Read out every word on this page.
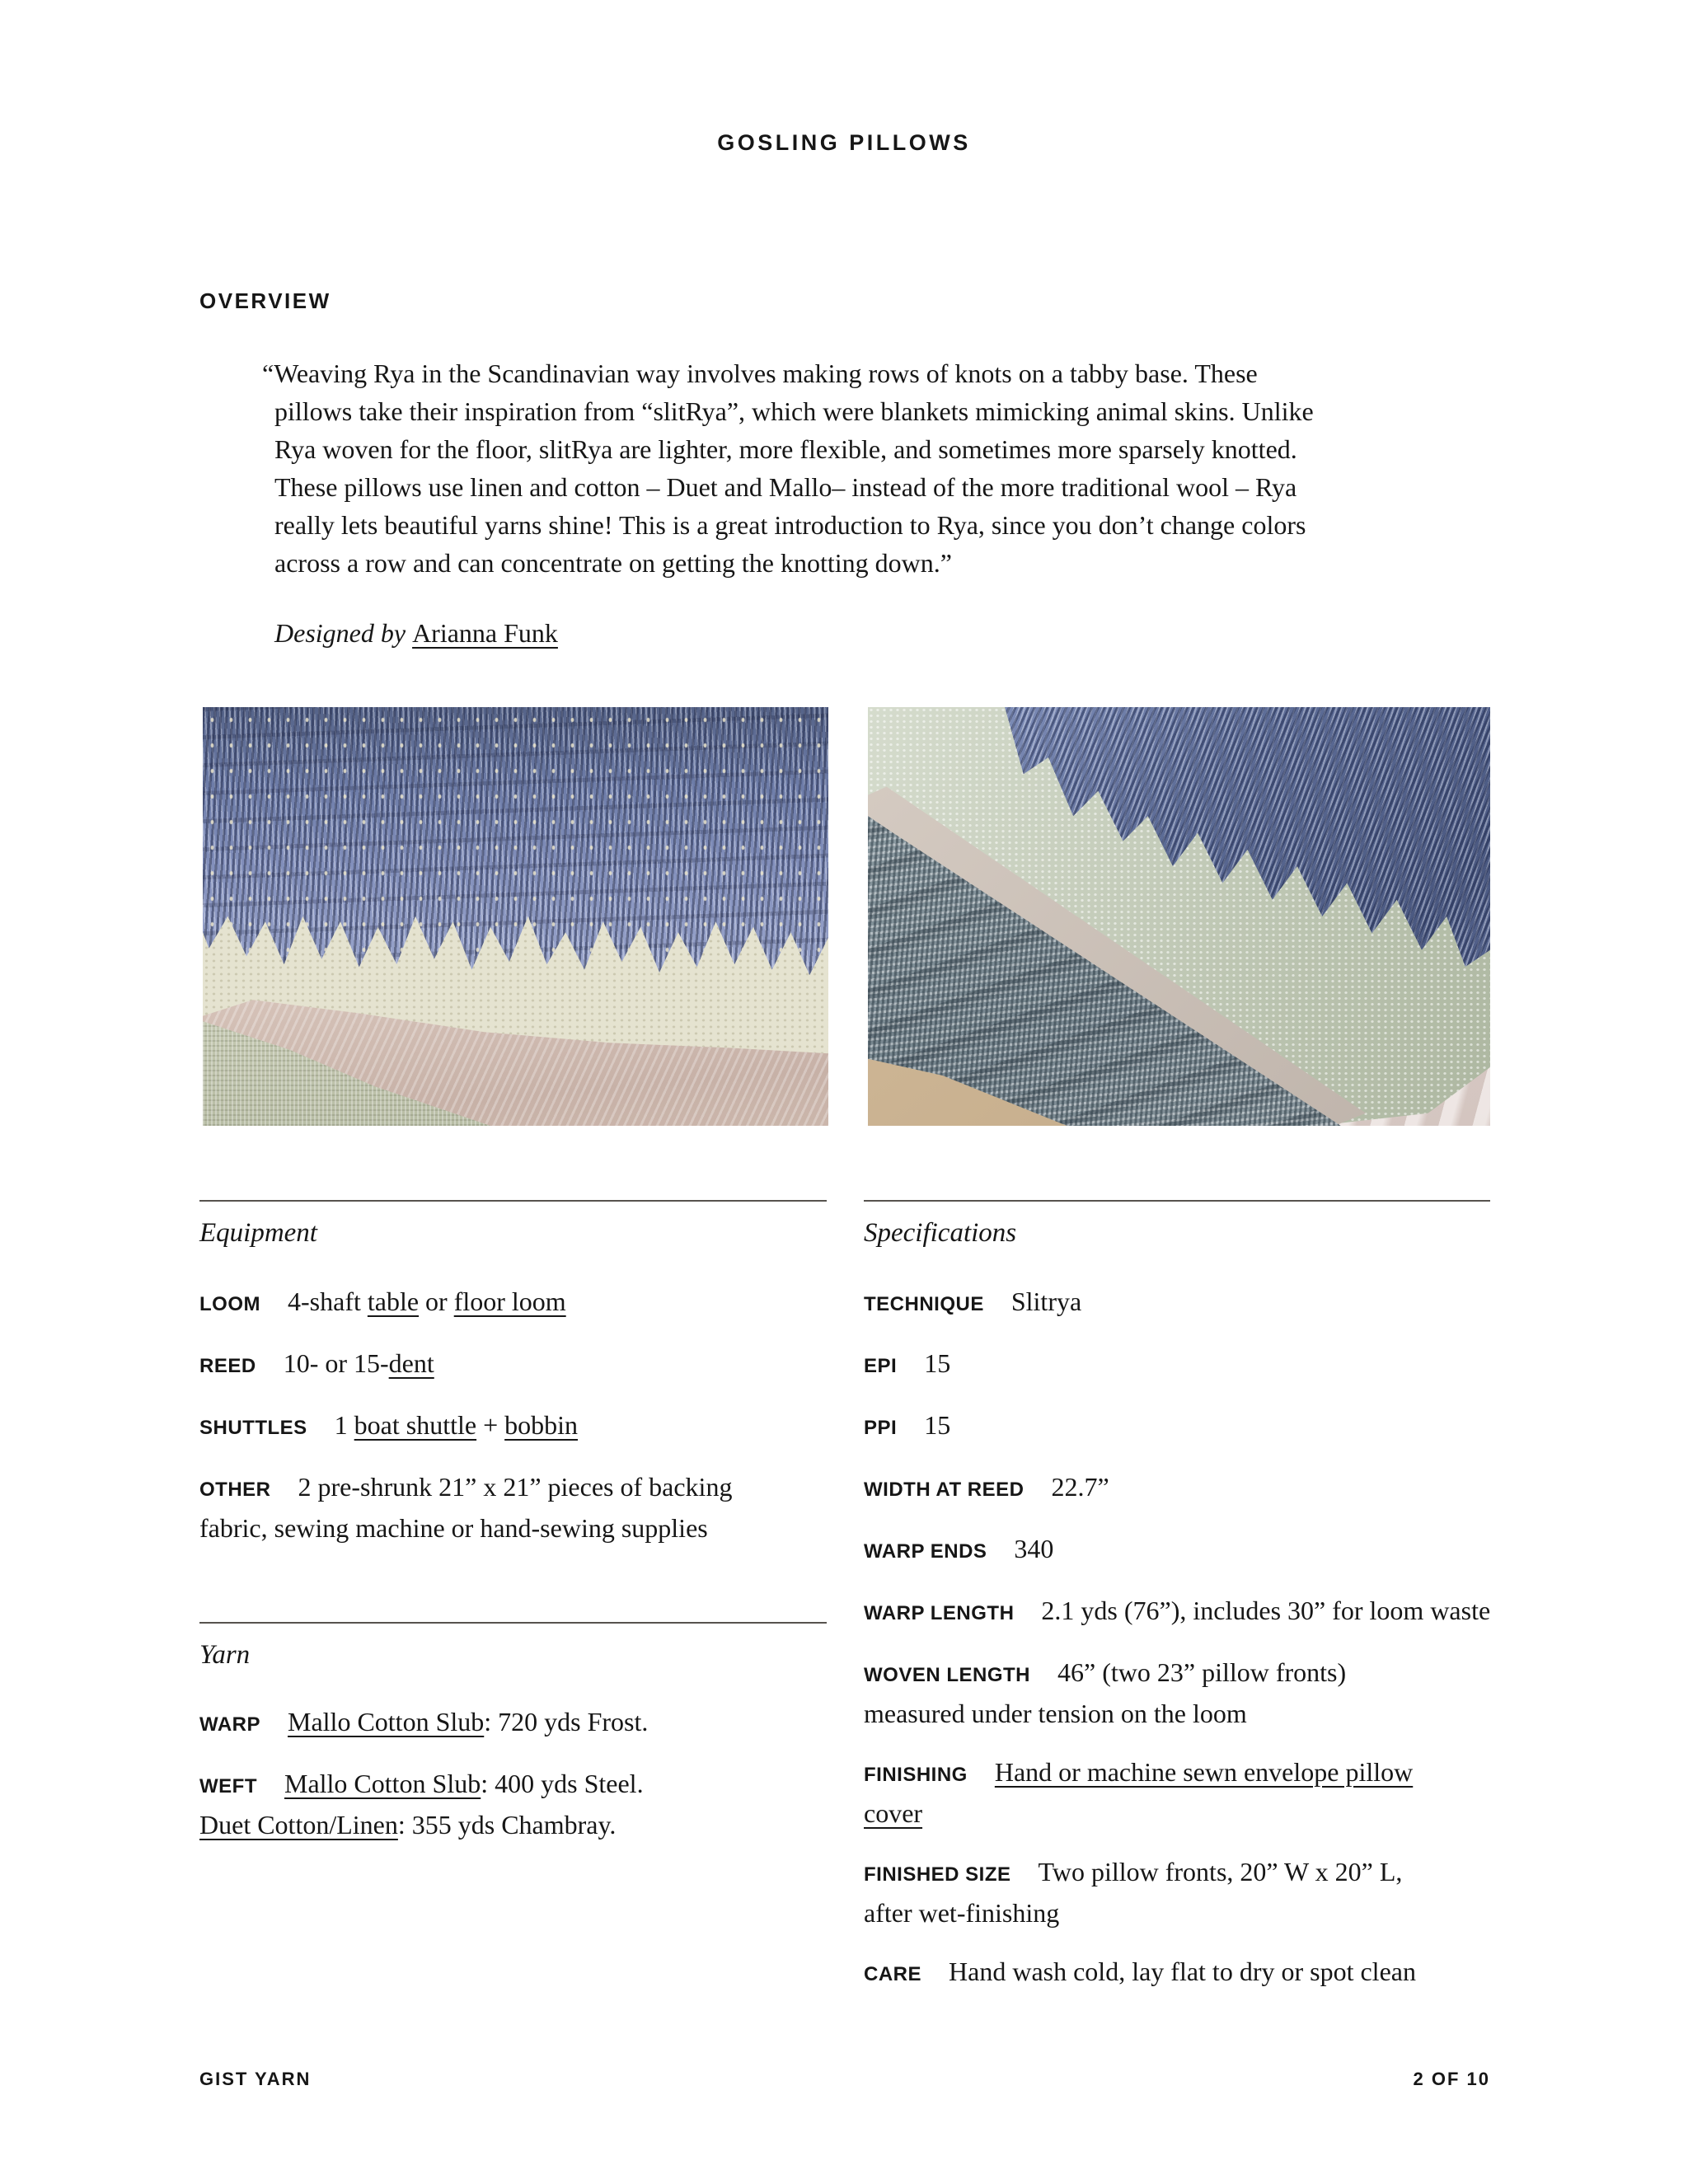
GOSLING PILLOWS
OVERVIEW
“Weaving Rya in the Scandinavian way involves making rows of knots on a tabby base. These
pillows take their inspiration from “slitRya”, which were blankets mimicking animal skins. Unlike
Rya woven for the floor, slitRya are lighter, more flexible, and sometimes more sparsely knotted.
These pillows use linen and cotton – Duet and Mallo– instead of the more traditional wool – Rya
really lets beautiful yarns shine! This is a great introduction to Rya, since you don’t change colors
across a row and can concentrate on getting the knotting down.”

Designed by Arianna Funk

Equipment

LOOM 4-shaft table or floor loom

REED 10- or 15-dent

SHUTTLES 1 boat shuttle + bobbin

OTHER 2 pre-shrunk 21” x 21” pieces of backing
fabric, sewing machine or hand-sewing supplies

Yarn

WARP Mallo Cotton Slub: 720 yds Frost.

WEFT Mallo Cotton Slub: 400 yds Steel.
Duet Cotton/Linen: 355 yds Chambray.

Specifications

TECHNIQUE Slitrya

EPI 15

PPI 15

WIDTH AT REED 22.7”

WARP ENDS 340

WARP LENGTH 2.1 yds (76”), includes 30” for loom waste

WOVEN LENGTH 46” (two 23” pillow fronts)
measured under tension on the loom

FINISHING Hand or machine sewn envelope pillow
cover

FINISHED SIZE Two pillow fronts, 20” W x 20” L,
after wet-finishing

CARE Hand wash cold, lay flat to dry or spot clean

GIST YARN	2 OF 10
